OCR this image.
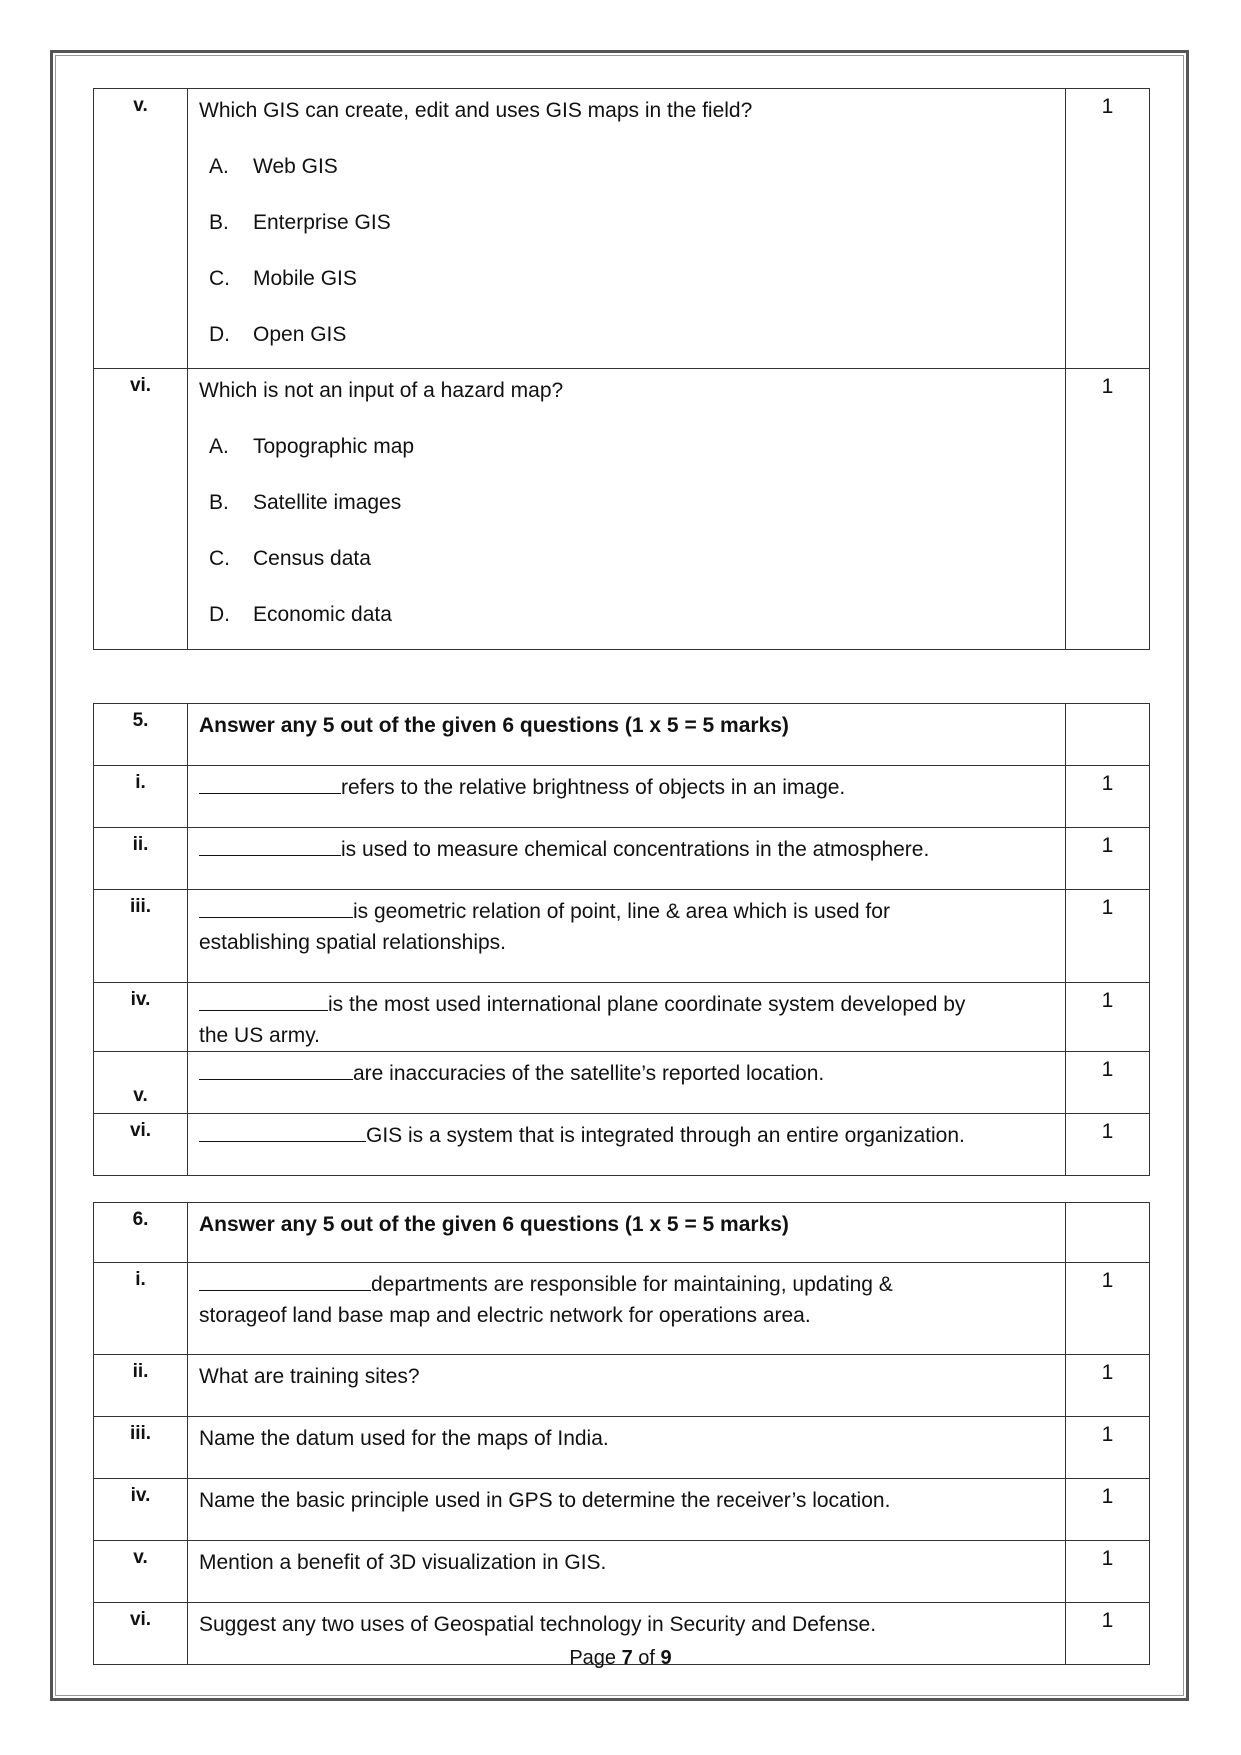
v.	Which GIS can create, edit and uses GIS maps in the field?
A. Web GIS
B. Enterprise GIS
C. Mobile GIS
D. Open GIS	1
vi.	Which is not an input of a hazard map?
A. Topographic map
B. Satellite images
C. Census data
D. Economic data	1
5.	Answer any 5 out of the given 6 questions (1 x 5 = 5 marks)	
i.	refers to the relative brightness of objects in an image.	1
ii.	is used to measure chemical concentrations in the atmosphere.	1
iii.	is geometric relation of point, line & area which is used for
establishing spatial relationships.	1
iv.	is the most used international plane coordinate system developed by
the US army.	1
v.	are inaccuracies of the satellite’s reported location.	1
vi.	GIS is a system that is integrated through an entire organization.	1
6.	Answer any 5 out of the given 6 questions (1 x 5 = 5 marks)	
i.	departments are responsible for maintaining, updating &
storageof land base map and electric network for operations area.	1
ii.	What are training sites?	1
iii.	Name the datum used for the maps of India.	1
iv.	Name the basic principle used in GPS to determine the receiver’s location.	1
v.	Mention a benefit of 3D visualization in GIS.	1
vi.	Suggest any two uses of Geospatial technology in Security and Defense.	1
Page 7 of 9
